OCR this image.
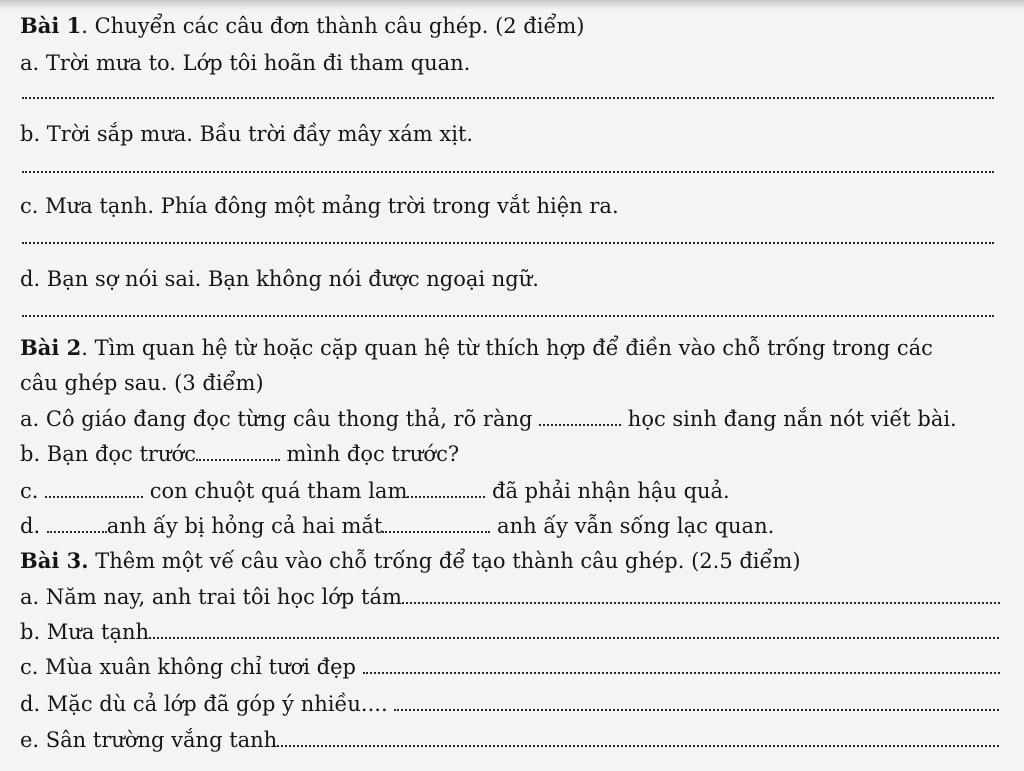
Bài 1. Chuyển các câu đơn thành câu ghép. (2 điểm)
a. Trời mưa to. Lớp tôi hoãn đi tham quan.
b. Trời sắp mưa. Bầu trời đầy mây xám xịt.
c. Mưa tạnh. Phía đông một mảng trời trong vắt hiện ra.
d. Bạn sợ nói sai. Bạn không nói được ngoại ngữ.
Bài 2. Tìm quan hệ từ hoặc cặp quan hệ từ thích hợp để điền vào chỗ trống trong các
câu ghép sau. (3 điểm)
a. Cô giáo đang đọc từng câu thong thả, rõ ràng	học sinh đang nắn nót viết bài.
b. Bạn đọc trước	mình đọc trước?
c.	con chuột quá tham lam	đã phải nhận hậu quả.
d.	anh ấy bị hỏng cả hai mắt	anh ấy vẫn sống lạc quan.
Bài 3. Thêm một vế câu vào chỗ trống để tạo thành câu ghép. (2.5 điểm)
a. Năm nay, anh trai tôi học lớp tám
b. Mưa tạnh
c. Mùa xuân không chỉ tươi đẹp
d. Mặc dù cả lớp đã góp ý nhiều....
e. Sân trường vắng tanh
